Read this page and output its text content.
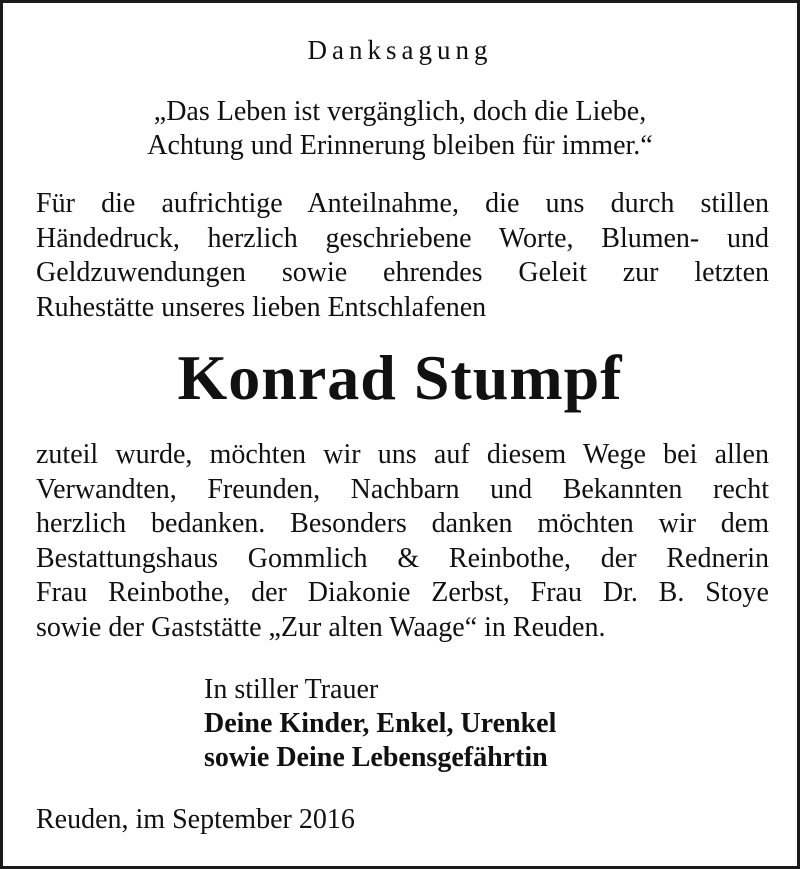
Danksagung
„Das Leben ist vergänglich, doch die Liebe,
Achtung und Erinnerung bleiben für immer.“
Für die aufrichtige Anteilnahme, die uns durch stillen
Händedruck, herzlich geschriebene Worte, Blumen- und
Geldzuwendungen sowie ehrendes Geleit zur letzten
Ruhestätte unseres lieben Entschlafenen
Konrad Stumpf
zuteil wurde, möchten wir uns auf diesem Wege bei allen
Verwandten, Freunden, Nachbarn und Bekannten recht
herzlich bedanken. Besonders danken möchten wir dem
Bestattungshaus Gommlich & Reinbothe, der Rednerin
Frau Reinbothe, der Diakonie Zerbst, Frau Dr. B. Stoye
sowie der Gaststätte „Zur alten Waage“ in Reuden.
In stiller Trauer
Deine Kinder, Enkel, Urenkel
sowie Deine Lebensgefährtin
Reuden, im September 2016
